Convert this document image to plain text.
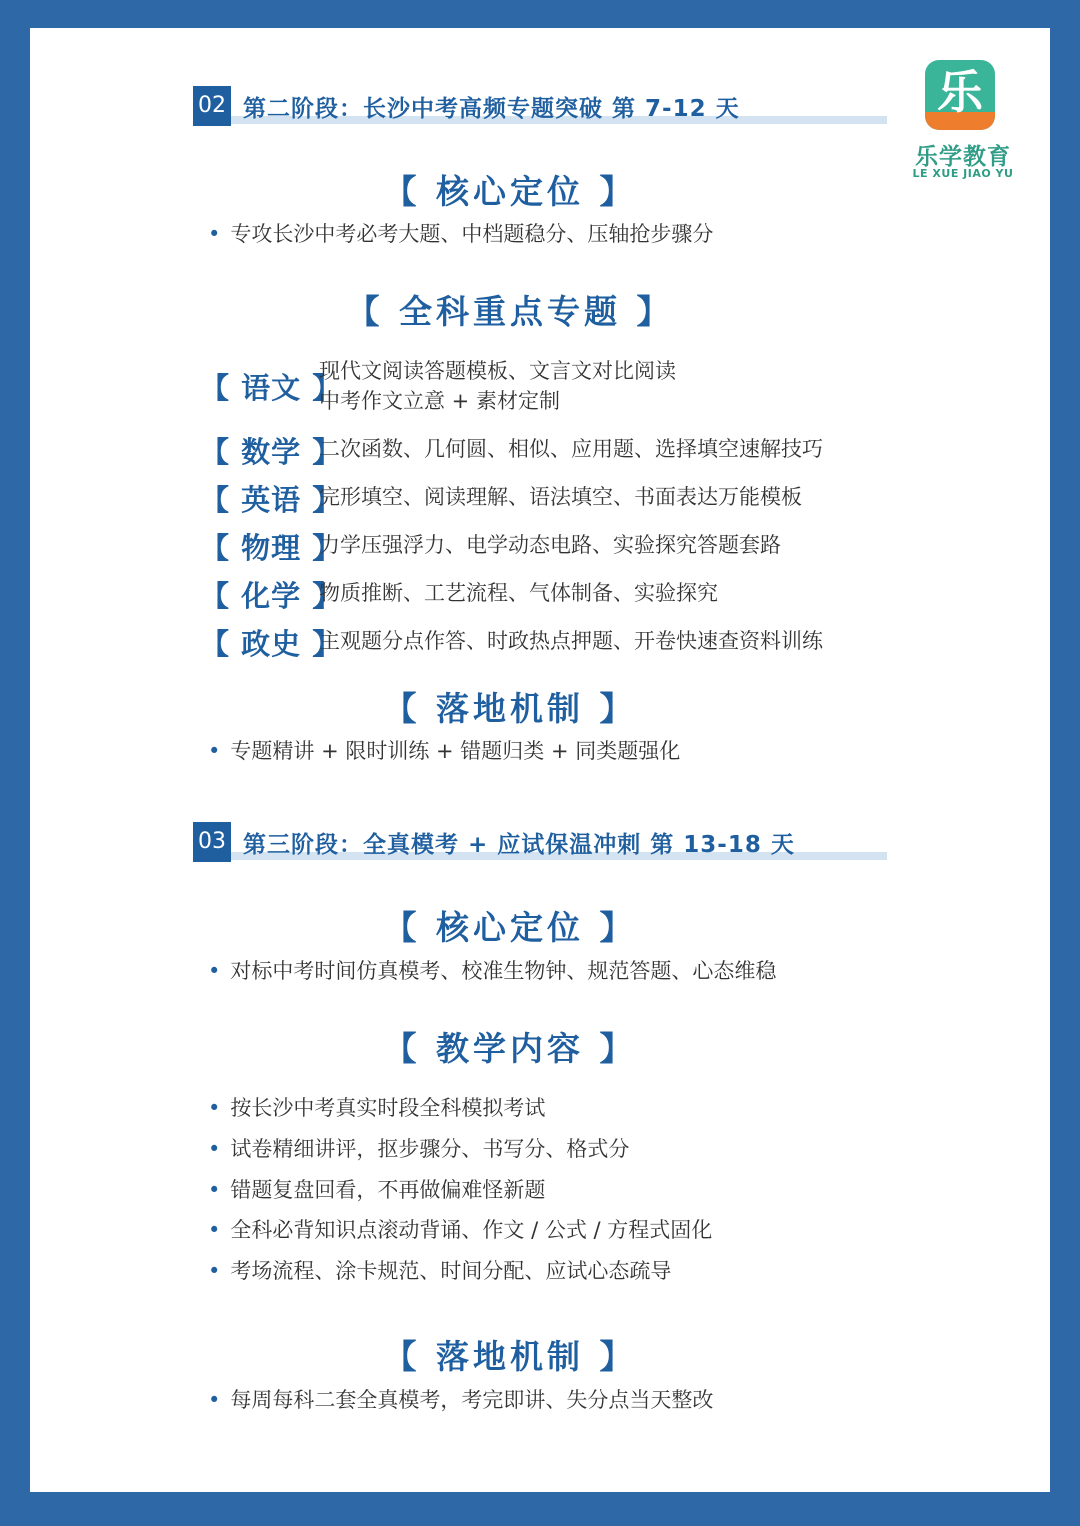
乐
乐学教育
LE XUE JIAO YU
02 第二阶段：长沙中考高频专题突破 第 7-12 天
【 核心定位 】
• 专攻长沙中考必考大题、中档题稳分、压轴抢步骤分
【 全科重点专题 】
【 语文 】
现代文阅读答题模板、文言文对比阅读
中考作文立意 + 素材定制
【 数学 】
二次函数、几何圆、相似、应用题、选择填空速解技巧
【 英语 】
完形填空、阅读理解、语法填空、书面表达万能模板
【 物理 】
力学压强浮力、电学动态电路、实验探究答题套路
【 化学 】
物质推断、工艺流程、气体制备、实验探究
【 政史 】
主观题分点作答、时政热点押题、开卷快速查资料训练
【 落地机制 】
• 专题精讲 + 限时训练 + 错题归类 + 同类题强化
03 第三阶段：全真模考 + 应试保温冲刺 第 13-18 天
【 核心定位 】
• 对标中考时间仿真模考、校准生物钟、规范答题、心态维稳
【 教学内容 】
• 按长沙中考真实时段全科模拟考试
• 试卷精细讲评，抠步骤分、书写分、格式分
• 错题复盘回看，不再做偏难怪新题
• 全科必背知识点滚动背诵、作文 / 公式 / 方程式固化
• 考场流程、涂卡规范、时间分配、应试心态疏导
【 落地机制 】
• 每周每科二套全真模考，考完即讲、失分点当天整改
